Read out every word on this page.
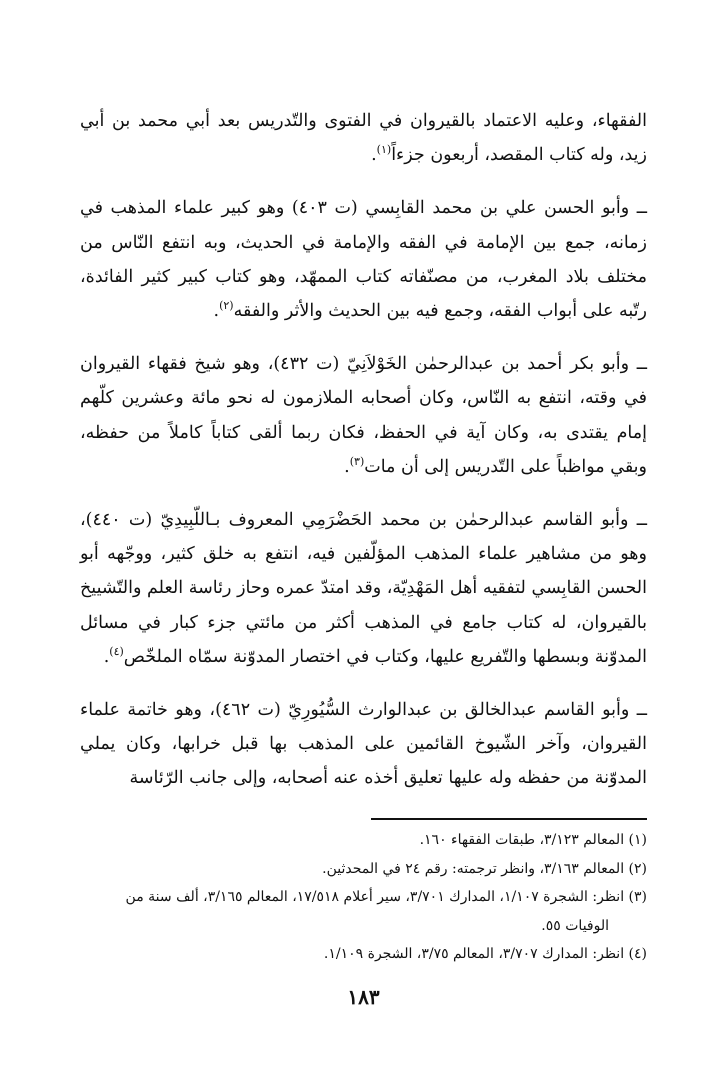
الفقهاء، وعليه الاعتماد بالقيروان في الفتوى والتّدريس بعد أبي محمد بن أبي زيد، وله كتاب المقصد، أربعون جزءاً$^{(١)}$.

ــ وأبو الحسن علي بن محمد القابِسي (ت ٤٠٣) وهو كبير علماء المذهب في زمانه، جمع بين الإمامة في الفقه والإمامة في الحديث، وبه انتفع النّاس من مختلف بلاد المغرب، من مصنّفاته كتاب الممهّد، وهو كتاب كبير كثير الفائدة، رتّبه على أبواب الفقه، وجمع فيه بين الحديث والأثر والفقه$^{(٢)}$.

ــ وأبو بكر أحمد بن عبدالرحمٰن الخَوْلاَنِيّ (ت ٤٣٢)، وهو شيخ فقهاء القيروان في وقته، انتفع به النّاس، وكان أصحابه الملازمون له نحو مائة وعشرين كلّهم إمام يقتدى به، وكان آية في الحفظ، فكان ربما ألقى كتاباً كاملاً من حفظه، وبقي مواظباً على التّدريس إلى أن مات$^{(٣)}$.

ــ وأبو القاسم عبدالرحمٰن بن محمد الحَضْرَمِي المعروف بـاللّبِيدِيّ (ت ٤٤٠)، وهو من مشاهير علماء المذهب المؤلّفين فيه، انتفع به خلق كثير، ووجّهه أبو الحسن القابِسي لتفقيه أهل المَهْدِيّة، وقد امتدّ عمره وحاز رئاسة العلم والتّشييخ بالقيروان، له كتاب جامع في المذهب أكثر من مائتي جزء كبار في مسائل المدوّنة وبسطها والتّفريع عليها، وكتاب في اختصار المدوّنة سمّاه الملخّص$^{(٤)}$.

ــ وأبو القاسم عبدالخالق بن عبدالوارث السُّيُورِيّ (ت ٤٦٢)، وهو خاتمة علماء القيروان، وآخر الشّيوخ القائمين على المذهب بها قبل خرابها، وكان يملي المدوّنة من حفظه وله عليها تعليق أخذه عنه أصحابه، وإلى جانب الرّئاسة

(١) المعالم ٣/١٢٣، طبقات الفقهاء ١٦٠.

(٢) المعالم ٣/١٦٣، وانظر ترجمته: رقم ٢٤ في المحدثين.

(٣) انظر: الشجرة ١/١٠٧، المدارك ٣/٧٠١، سير أعلام ١٧/٥١٨، المعالم ٣/١٦٥، ألف سنة من الوفيات ٥٥.

(٤) انظر: المدارك ٣/٧٠٧، المعالم ٣/٧٥، الشجرة ١/١٠٩.

١٨٣
